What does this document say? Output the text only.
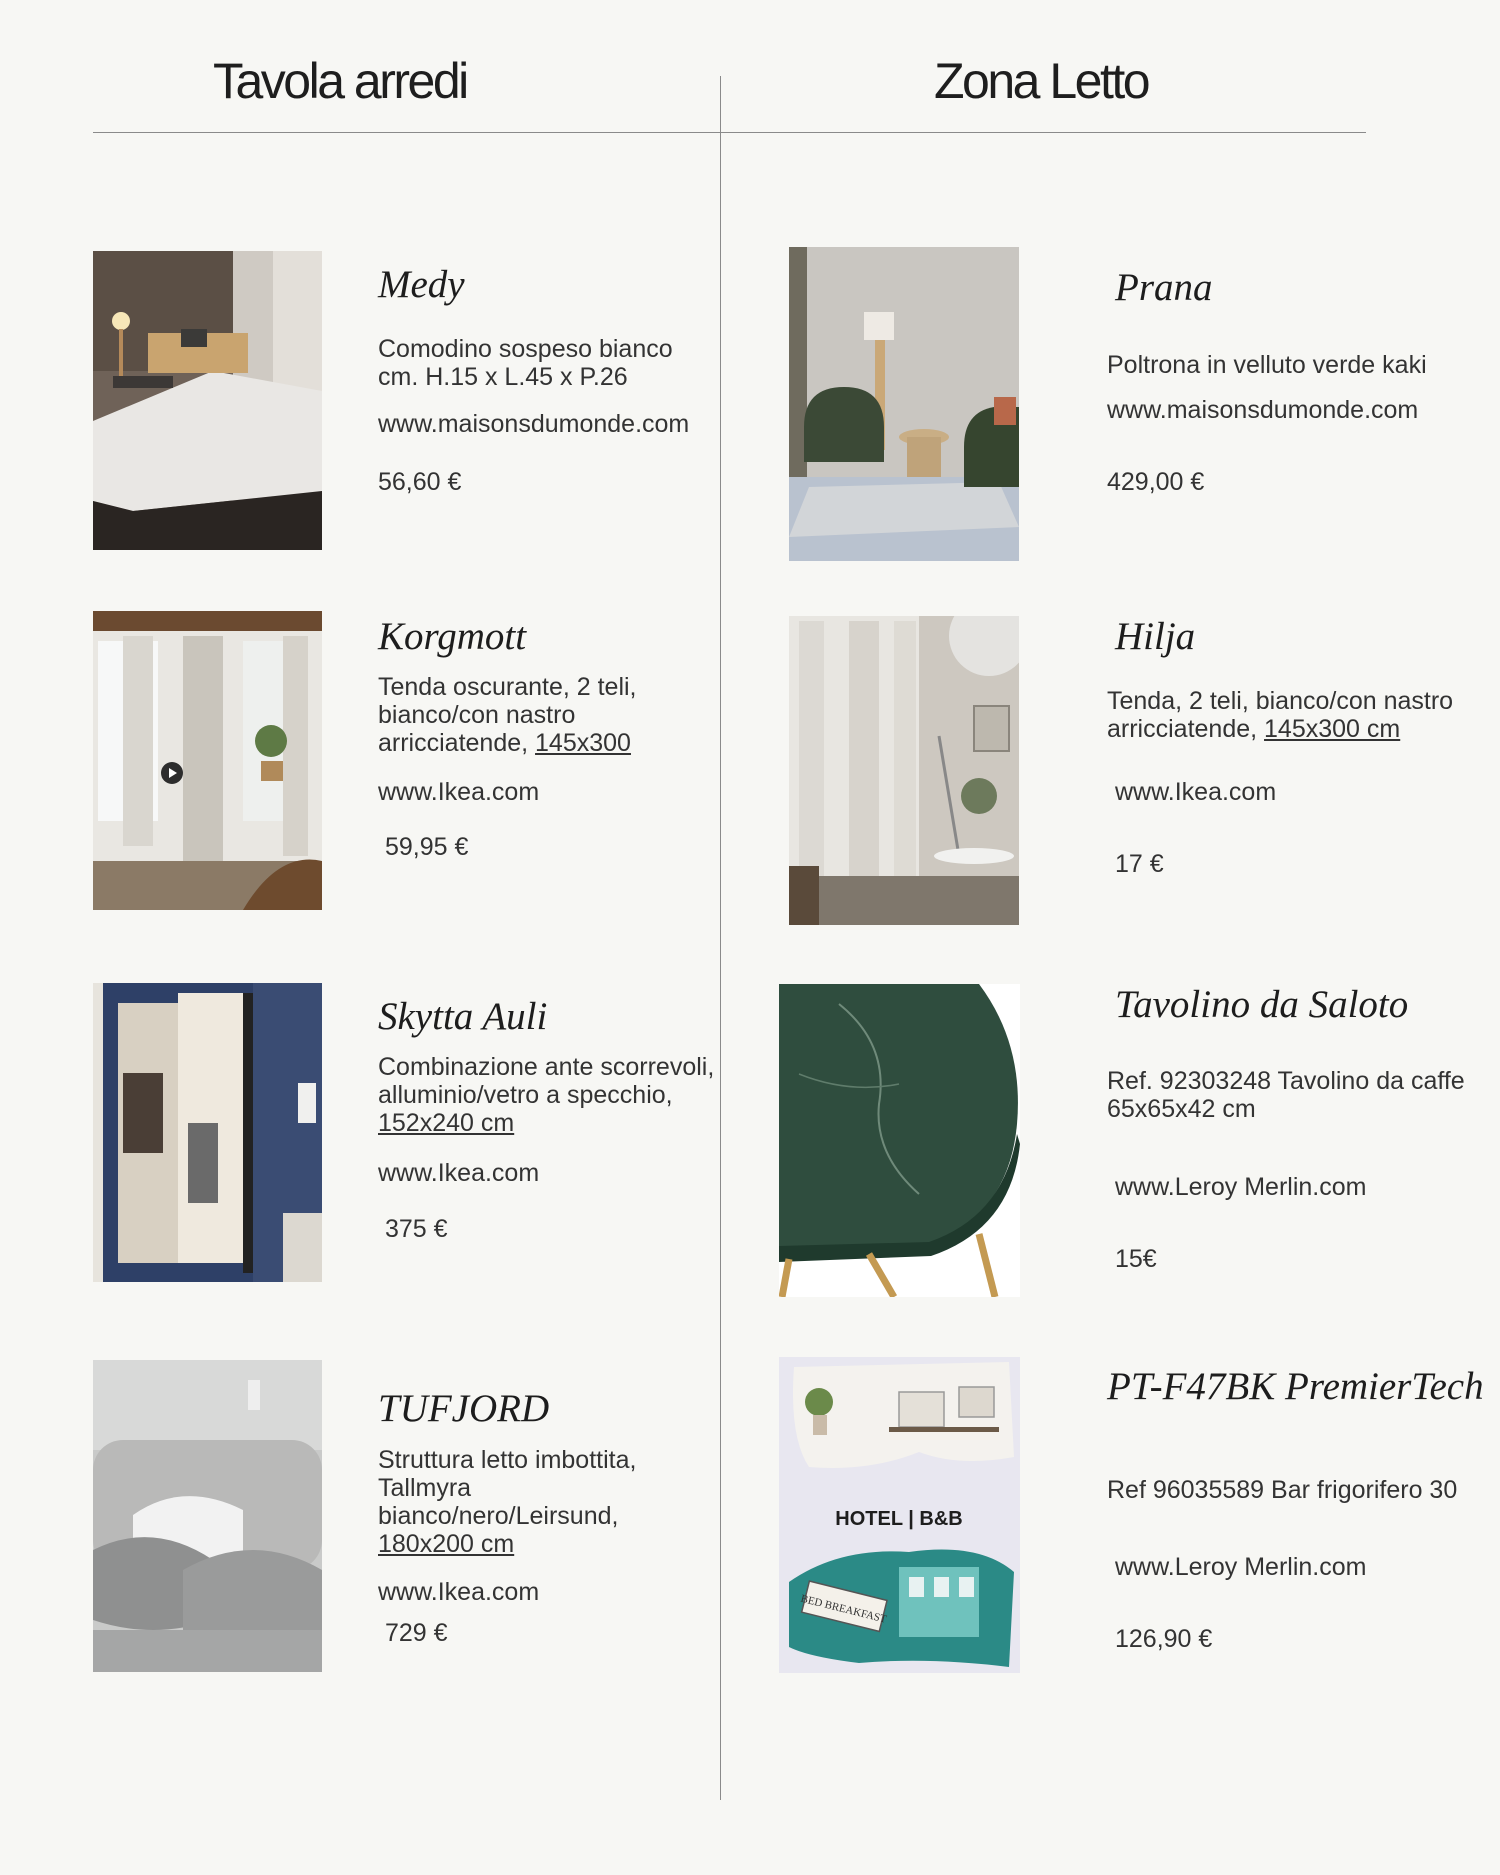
Tavola arredi	Zona Letto
Medy
Comodino sospeso bianco cm. H.15 x L.45 x P.26
www.maisonsdumonde.com
56,60 €
Korgmott
Tenda oscurante, 2 teli, bianco/con nastro arricciatende, 145x300
www.Ikea.com
59,95 €
Skytta Auli
Combinazione ante scorrevoli, alluminio/vetro a specchio, 152x240 cm
www.Ikea.com
375 €
TUFJORD
Struttura letto imbottita, Tallmyra bianco/nero/Leirsund, 180x200 cm
www.Ikea.com
729 €
Prana
Poltrona in velluto verde kaki
www.maisonsdumonde.com
429,00 €
Hilja
Tenda, 2 teli, bianco/con nastro arricciatende, 145x300 cm
www.Ikea.com
17 €
Tavolino da Saloto
Ref. 92303248 Tavolino da caffe 65x65x42 cm
www.Leroy Merlin.com
15€
HOTEL | B&B
BED BREAKFAST
PT-F47BK PremierTech
Ref 96035589 Bar frigorifero 30
www.Leroy Merlin.com
126,90 €
